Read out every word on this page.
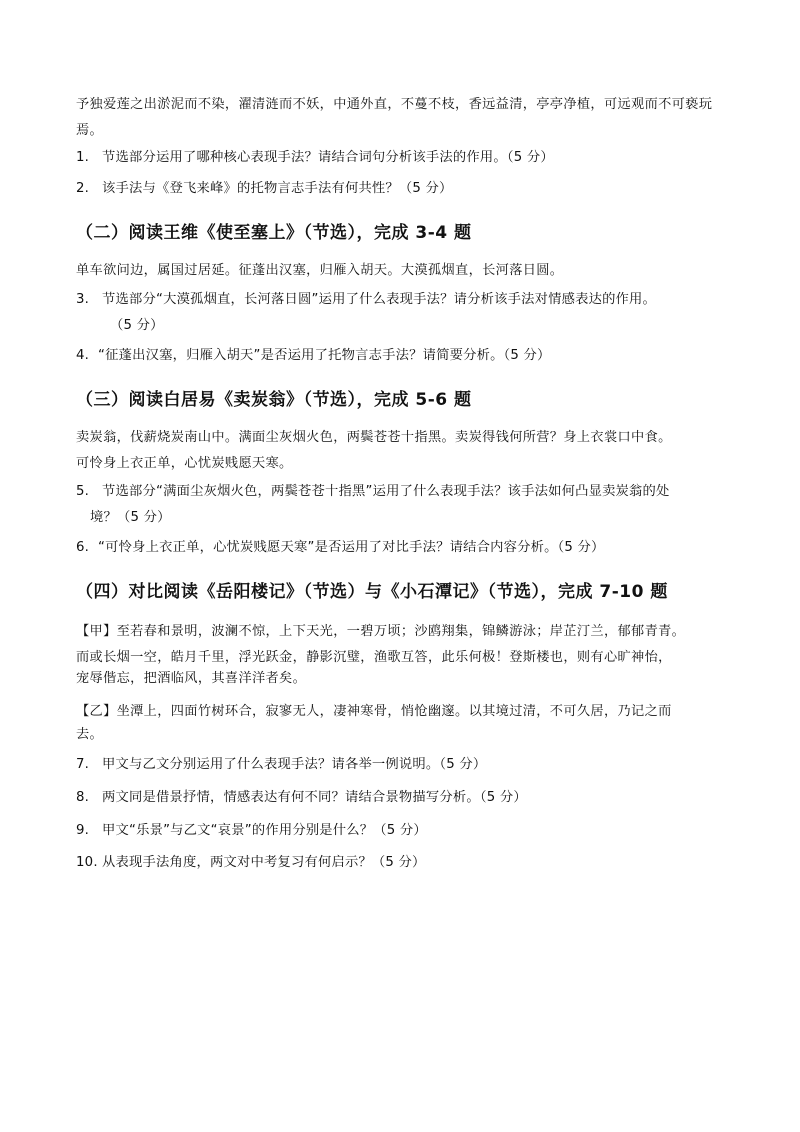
予独爱莲之出淤泥而不染，濯清涟而不妖，中通外直，不蔓不枝，香远益清，亭亭净植，可远观而不可亵玩焉。
1. 节选部分运用了哪种核心表现手法？请结合词句分析该手法的作用。（5 分）
2. 该手法与《登飞来峰》的托物言志手法有何共性？（5 分）
（二）阅读王维《使至塞上》（节选），完成 3-4 题
单车欲问边，属国过居延。征蓬出汉塞，归雁入胡天。大漠孤烟直，长河落日圆。
3. 节选部分“大漠孤烟直，长河落日圆”运用了什么表现手法？请分析该手法对情感表达的作用。
（5 分）
4. “征蓬出汉塞，归雁入胡天”是否运用了托物言志手法？请简要分析。（5 分）
（三）阅读白居易《卖炭翁》（节选），完成 5-6 题
卖炭翁，伐薪烧炭南山中。满面尘灰烟火色，两鬓苍苍十指黑。卖炭得钱何所营？身上衣裳口中食。
可怜身上衣正单，心忧炭贱愿天寒。
5. 节选部分“满面尘灰烟火色，两鬓苍苍十指黑”运用了什么表现手法？该手法如何凸显卖炭翁的处
境？（5 分）
6. “可怜身上衣正单，心忧炭贱愿天寒”是否运用了对比手法？请结合内容分析。（5 分）
（四）对比阅读《岳阳楼记》（节选）与《小石潭记》（节选），完成 7-10 题
【甲】至若春和景明，波澜不惊，上下天光，一碧万顷；沙鸥翔集，锦鳞游泳；岸芷汀兰，郁郁青青。
而或长烟一空，皓月千里，浮光跃金，静影沉璧，渔歌互答，此乐何极！登斯楼也，则有心旷神怡，
宠辱偕忘，把酒临风，其喜洋洋者矣。
【乙】坐潭上，四面竹树环合，寂寥无人，凄神寒骨，悄怆幽邃。以其境过清，不可久居，乃记之而
去。
7. 甲文与乙文分别运用了什么表现手法？请各举一例说明。（5 分）
8. 两文同是借景抒情，情感表达有何不同？请结合景物描写分析。（5 分）
9. 甲文“乐景”与乙文“哀景”的作用分别是什么？（5 分）
10. 从表现手法角度，两文对中考复习有何启示？（5 分）
